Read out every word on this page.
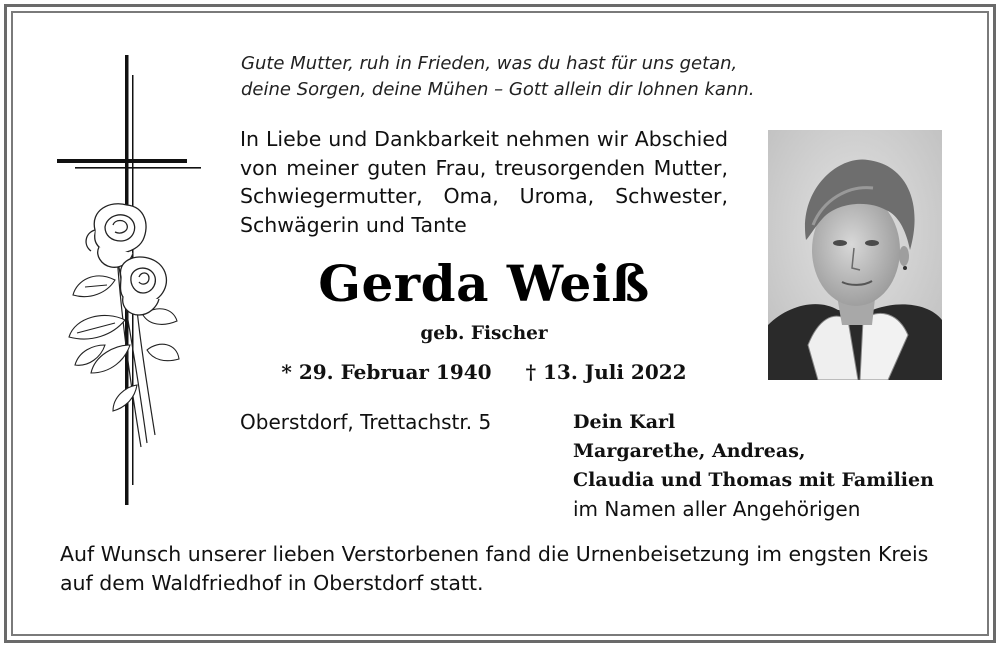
Gute Mutter, ruh in Frieden, was du hast für uns getan,
deine Sorgen, deine Mühen – Gott allein dir lohnen kann.
In Liebe und Dankbarkeit nehmen wir Abschied
von meiner guten Frau, treusorgenden Mutter,
Schwiegermutter, Oma, Uroma, Schwester,
Schwägerin und Tante
Gerda Weiß
geb. Fischer
* 29. Februar 1940 † 13. Juli 2022
Oberstdorf, Trettachstr. 5	Dein Karl
Margarethe, Andreas,
Claudia und Thomas mit Familien
im Namen aller Angehörigen
Auf Wunsch unserer lieben Verstorbenen fand die Urnenbeisetzung im engsten Kreis
auf dem Waldfriedhof in Oberstdorf statt.
